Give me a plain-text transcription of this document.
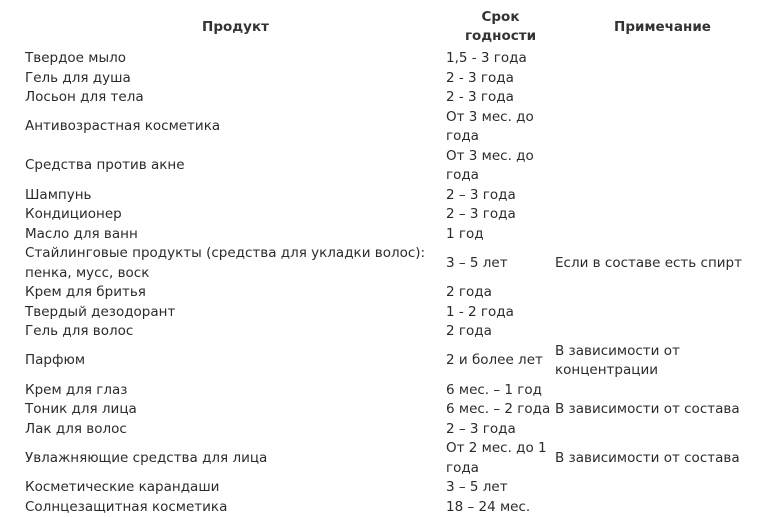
Продукт	Срок годности	Примечание
Твердое мыло	1,5 - 3 года	
Гель для душа	2 - 3 года	
Лосьон для тела	2 - 3 года	
Антивозрастная косметика	От 3 мес. до года	
Средства против акне	От 3 мес. до года	
Шампунь	2 – 3 года	
Кондиционер	2 – 3 года	
Масло для ванн	1 год	
Стайлинговые продукты (средства для укладки волос): пенка, мусс, воск	3 – 5 лет	Если в составе есть спирт
Крем для бритья	2 года	
Твердый дезодорант	1 - 2 года	
Гель для волос	2 года	
Парфюм	2 и более лет	В зависимости от концентрации
Крем для глаз	6 мес. – 1 год	
Тоник для лица	6 мес. – 2 года	В зависимости от состава
Лак для волос	2 – 3 года	
Увлажняющие средства для лица	От 2 мес. до 1 года	В зависимости от состава
Косметические карандаши	3 – 5 лет	
Солнцезащитная косметика	18 – 24 мес.	
